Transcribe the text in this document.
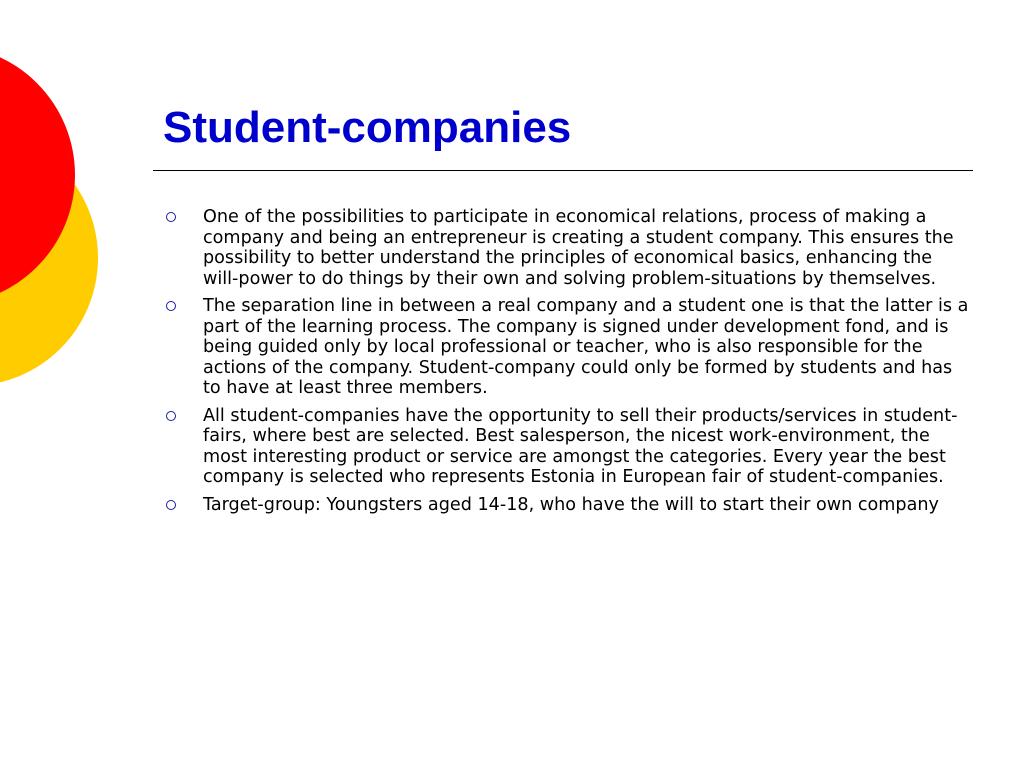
Student-companies
One of the possibilities to participate in economical relations, process of making a company and being an entrepreneur is creating a student company. This ensures the possibility to better understand the principles of economical basics, enhancing the will-power to do things by their own and solving problem-situations by themselves.
The separation line in between a real company and a student one is that the latter is a part of the learning process. The company is signed under development fond, and is being guided only by local professional or teacher, who is also responsible for the actions of the company. Student-company could only be formed by students and has to have at least three members.
All student-companies have the opportunity to sell their products/services in student-fairs, where best are selected. Best salesperson, the nicest work-environment, the most interesting product or service are amongst the categories. Every year the best company is selected who represents Estonia in European fair of student-companies.
Target-group: Youngsters aged 14-18, who have the will to start their own company
